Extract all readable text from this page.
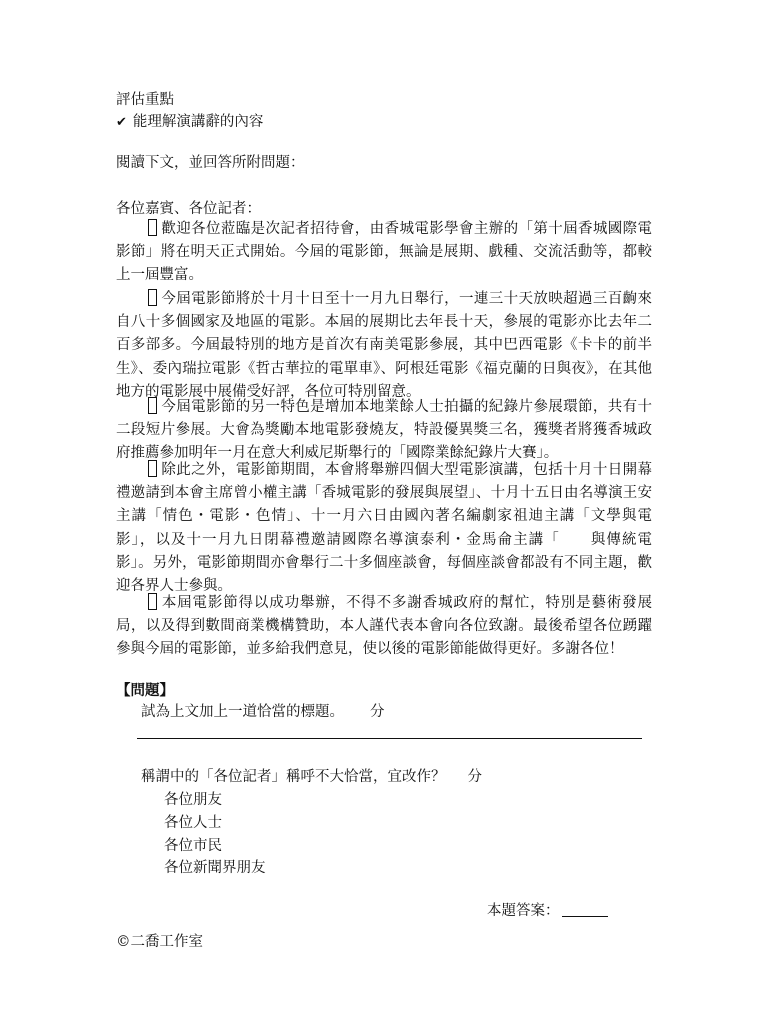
評估重點
✔ 能理解演講辭的內容
閱讀下文，並回答所附問題：
各位嘉賓、各位記者：
歡迎各位蒞臨是次記者招待會，由香城電影學會主辦的「第十屆香城國際電影節」將在明天正式開始。今屆的電影節，無論是展期、戲種、交流活動等，都較上一屆豐富。
今屆電影節將於十月十日至十一月九日舉行，一連三十天放映超過三百齣來自八十多個國家及地區的電影。本屆的展期比去年長十天，參展的電影亦比去年二百多部多。今屆最特別的地方是首次有南美電影參展，其中巴西電影《卡卡的前半生》、委內瑞拉電影《哲古華拉的電單車》、阿根廷電影《福克蘭的日與夜》，在其他地方的電影展中展備受好評，各位可特別留意。
今屆電影節的另一特色是增加本地業餘人士拍攝的紀錄片參展環節，共有十二段短片參展。大會為獎勵本地電影發燒友，特設優異獎三名，獲獎者將獲香城政府推薦參加明年一月在意大利威尼斯舉行的「國際業餘紀錄片大賽」。
除此之外，電影節期間，本會將舉辦四個大型電影演講，包括十月十日開幕禮邀請到本會主席曾小權主講「香城電影的發展與展望」、十月十五日由名導演王安主講「情色・電影・色情」、十一月六日由國內著名編劇家祖迪主講「文學與電影」，以及十一月九日閉幕禮邀請國際名導演泰利・金馬侖主講「　　與傳統電影」。另外，電影節期間亦會舉行二十多個座談會，每個座談會都設有不同主題，歡迎各界人士參與。
本屆電影節得以成功舉辦，不得不多謝香城政府的幫忙，特別是藝術發展局，以及得到數間商業機構贊助，本人謹代表本會向各位致謝。最後希望各位踴躍參與今屆的電影節，並多給我們意見，使以後的電影節能做得更好。多謝各位！
【問題】
試為上文加上一道恰當的標題。 分
稱謂中的「各位記者」稱呼不大恰當，宜改作？ 分
各位朋友
各位人士
各位市民
各位新聞界朋友
本題答案：
©二喬工作室
